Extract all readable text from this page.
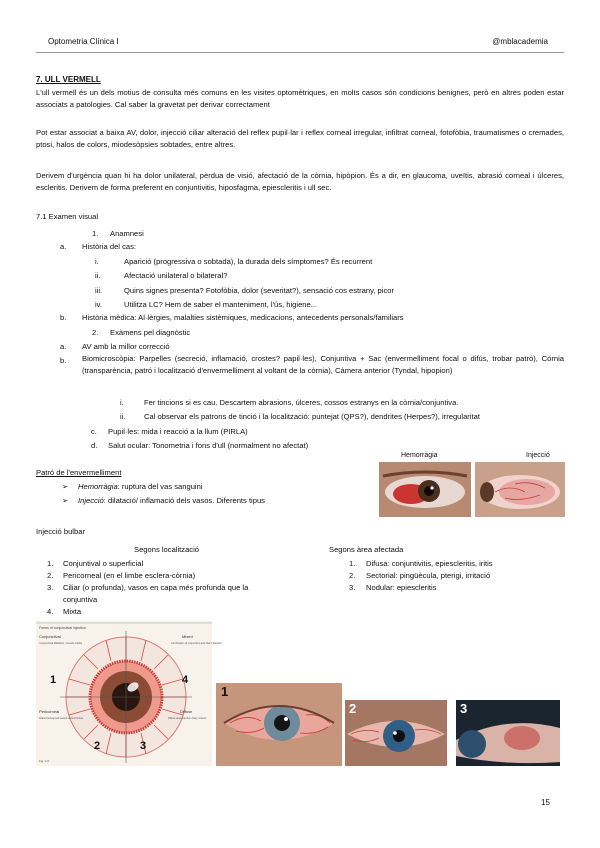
Optometria Clínica I	@mblacademia
7. ULL VERMELL
L'ull vermell és un dels motius de consulta més comuns en les visites optomètriques, en molts casos són condicions benignes, però en altres poden estar associats a patologies. Cal saber la gravetat per derivar correctament
Pot estar associat a baixa AV, dolor, injecció ciliar alteració del reflex pupil·lar i reflex corneal irregular, infiltrat corneal, fotofòbia, traumatismes o cremades, ptosi, halos de colors, miodesòpsies sobtades, entre altres.
Derivem d'urgència quan hi ha dolor unilateral, pèrdua de visió, afectació de la còrnia, hipòpion. És a dir, en glaucoma, uveïtis, abrasió corneal i úlceres, escleritis. Derivem de forma preferent en conjuntivitis, hiposfagma, epiescleritis i ull sec.
7.1 Examen visual
1. Anamnesi
a. Història del cas:
i.	Aparició (progressiva o sobtada), la durada dels símptomes? És recurrent
ii.	Afectació unilateral o bilateral?
iii.	Quins signes presenta? Fotofòbia, dolor (severitat?), sensació cos estrany, picor
iv.	Utilitza LC? Hem de saber el manteniment, l'ús, higiene...
b. Història mèdica: Al·lèrgies, malalties sistèmiques, medicacions, antecedents personals/familiars
2. Exàmens pel diagnòstic
a. AV amb la millor correcció
b. Biomicroscòpia: Parpelles (secreció, inflamació, crostes? papil·les), Conjuntiva + Sac (envermelliment focal o difús, trobar patró), Còrnia (transparència, patró i localització d'envermelliment al voltant de la còrnia), Càmera anterior (Tyndal, hipopion)
i.	Fer tincions si es cau. Descartem abrasions, úlceres, cossos estranys en la còrnia/conjuntiva.
ii. Cal observar els patrons de tinció i la localització: puntejat (QPS?), dendrites (Herpes?), irregularitat
c. Pupil·les: mida i reacció a la llum (PIRLA)
d. Salut ocular: Tonometria i fons d'ull (normalment no afectat)
Patró de l'envermelliment
➢ Hemorràgia: ruptura del vas sanguini
➢ Injecció: dilatació/ inflamació dels vasos. Diferents tipus
Hemorràgia	Injecció
Injecció bulbar
Segons localització
1. Conjuntival o superficial
2. Pericorneal (en el limbe esclera-còrnia)
3. Ciliar (o profunda), vasos en capa més profunda que la
conjuntiva
4. Mixta
Segons àrea afectada
1. Difusa: conjuntivitis, epiescleritis, iritis
2. Sectorial: pingüècula, pterigi, irritació
3. Nodular: epiescleritis
Forms of conjunctival injection
Conjunctival
Conjunctival dilatation, vessels visible
Mixed
Combination of conjunctival and ciliary dilatation
Pericorneal
Dilated pericorneal vessels around limbus
Diffuse
Diffuse deep injection ciliary vessels
1	4
2	3
Fig. 4.6
1
2	3
15
